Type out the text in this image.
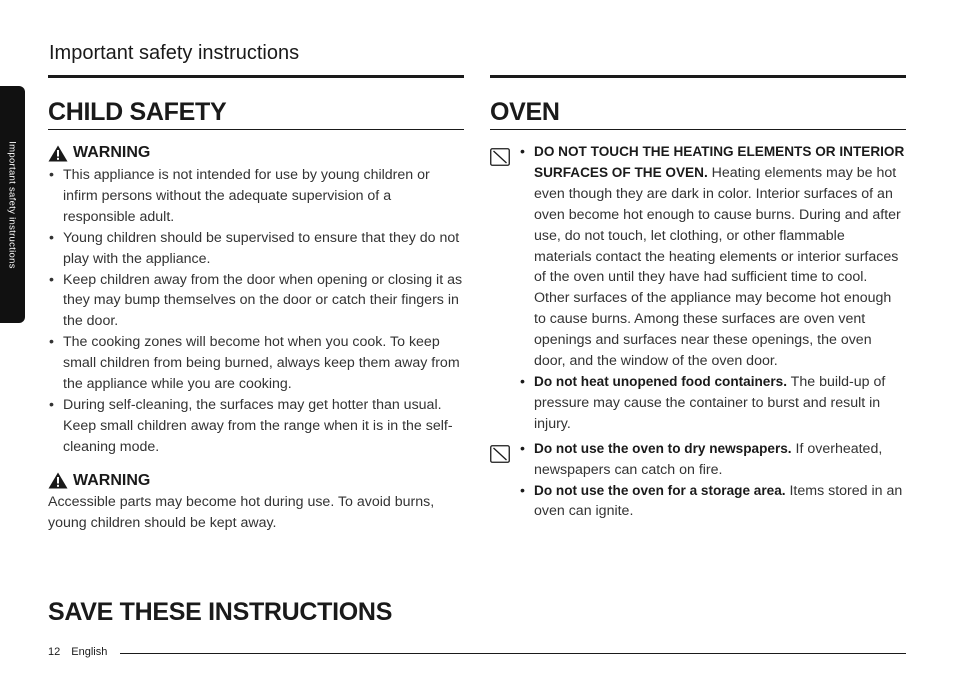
Important safety instructions
Important safety instructions
CHILD SAFETY
WARNING
• This appliance is not intended for use by young children or infirm persons without the adequate supervision of a responsible adult.
• Young children should be supervised to ensure that they do not play with the appliance.
• Keep children away from the door when opening or closing it as they may bump themselves on the door or catch their fingers in the door.
• The cooking zones will become hot when you cook. To keep small children from being burned, always keep them away from the appliance while you are cooking.
• During self-cleaning, the surfaces may get hotter than usual. Keep small children away from the range when it is in the self-cleaning mode.
WARNING

Accessible parts may become hot during use. To avoid burns, young children should be kept away.

OVEN
• DO NOT TOUCH THE HEATING ELEMENTS OR INTERIOR SURFACES OF THE OVEN. Heating elements may be hot even though they are dark in color. Interior surfaces of an oven become hot enough to cause burns. During and after use, do not touch, let clothing, or other flammable materials contact the heating elements or interior surfaces of the oven until they have had sufficient time to cool. Other surfaces of the appliance may become hot enough to cause burns. Among these surfaces are oven vent openings and surfaces near these openings, the oven door, and the window of the oven door.
• Do not heat unopened food containers. The build-up of pressure may cause the container to burst and result in injury.
• Do not use the oven to dry newspapers. If overheated, newspapers can catch on fire.
• Do not use the oven for a storage area. Items stored in an oven can ignite.
SAVE THESE INSTRUCTIONS
12 English
